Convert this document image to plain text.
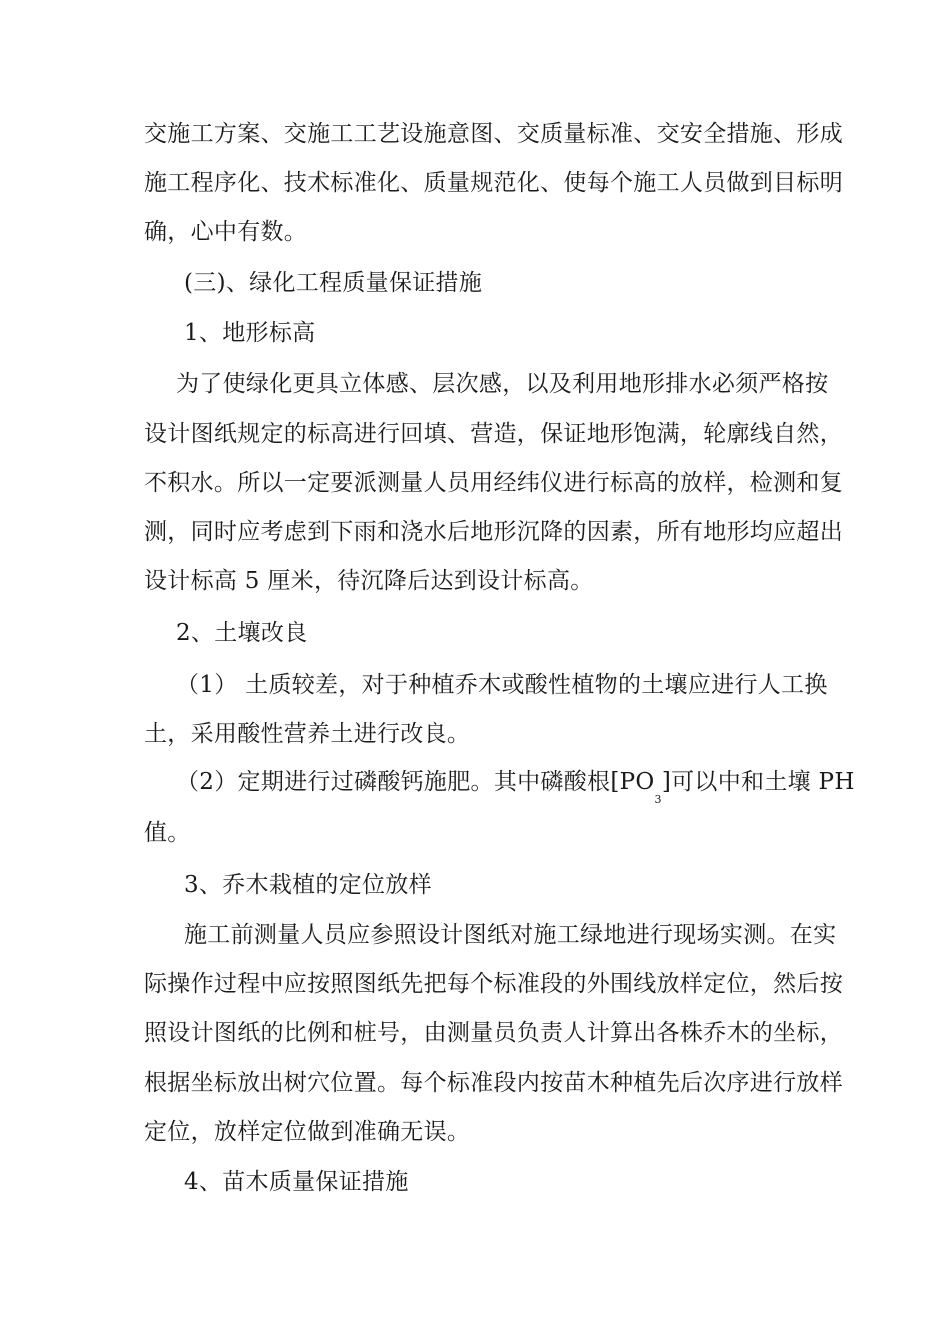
交施工方案、交施工工艺设施意图、交质量标准、交安全措施、形成
施工程序化、技术标准化、质量规范化、使每个施工人员做到目标明
确，心中有数。
(三)、绿化工程质量保证措施
1、地形标高
为了使绿化更具立体感、层次感，以及利用地形排水必须严格按
设计图纸规定的标高进行回填、营造，保证地形饱满，轮廓线自然，
不积水。所以一定要派测量人员用经纬仪进行标高的放样，检测和复
测，同时应考虑到下雨和浇水后地形沉降的因素，所有地形均应超出
设计标高 5 厘米，待沉降后达到设计标高。
2、土壤改良
（1） 土质较差，对于种植乔木或酸性植物的土壤应进行人工换
土，采用酸性营养土进行改良。
（2）定期进行过磷酸钙施肥。其中磷酸根$[PO_3]$可以中和土壤 PH
值。
3、乔木栽植的定位放样
施工前测量人员应参照设计图纸对施工绿地进行现场实测。在实
际操作过程中应按照图纸先把每个标准段的外围线放样定位，然后按
照设计图纸的比例和桩号，由测量员负责人计算出各株乔木的坐标，
根据坐标放出树穴位置。每个标准段内按苗木种植先后次序进行放样
定位，放样定位做到准确无误。
4、苗木质量保证措施
